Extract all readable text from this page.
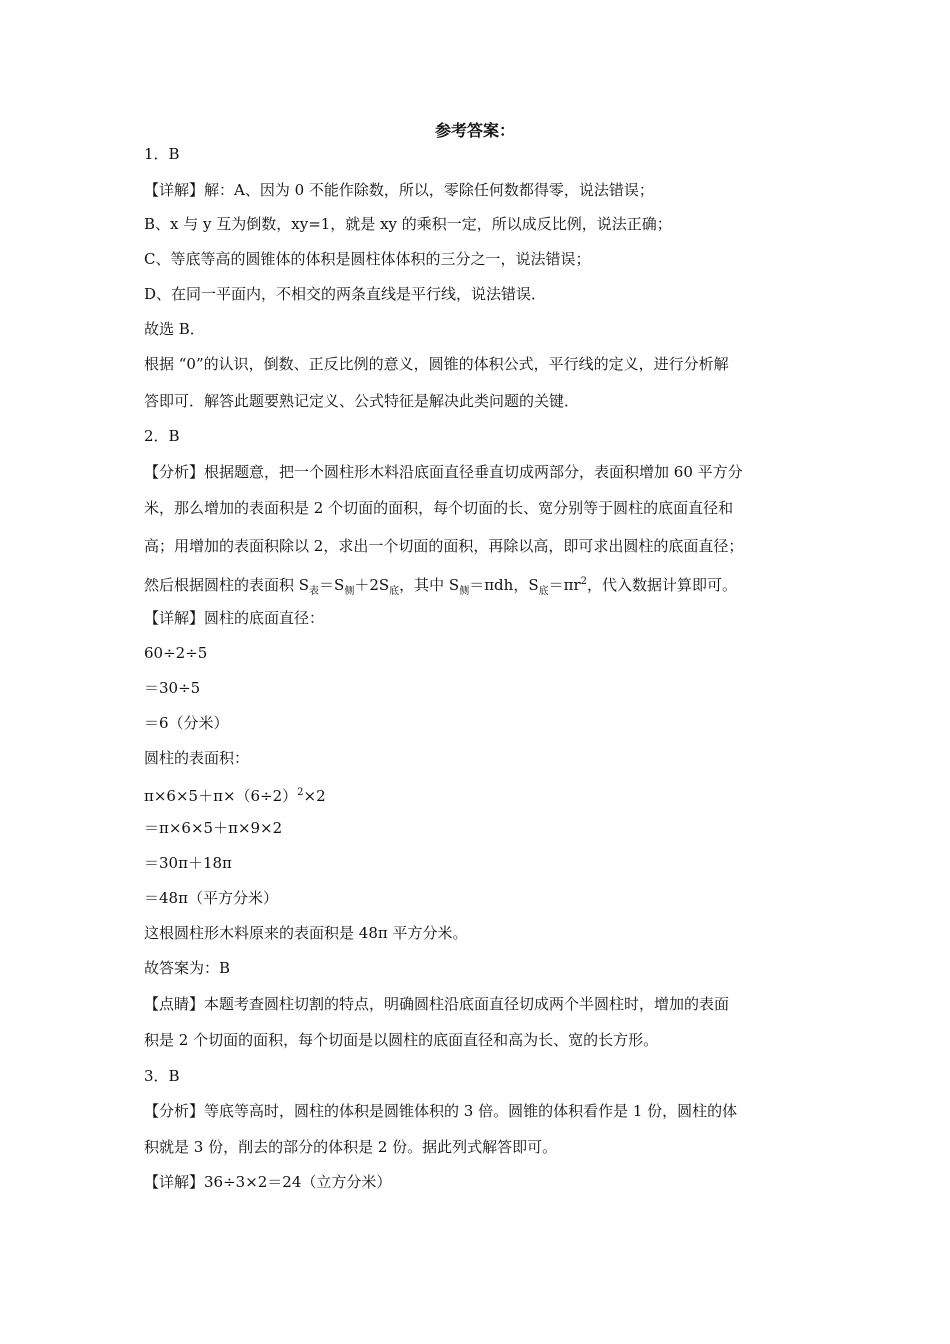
参考答案：
1．B
【详解】解：A、因为 0 不能作除数，所以，零除任何数都得零，说法错误；
B、x 与 y 互为倒数，xy=1，就是 xy 的乘积一定，所以成反比例，说法正确；
C、等底等高的圆锥体的体积是圆柱体体积的三分之一，说法错误；
D、在同一平面内，不相交的两条直线是平行线，说法错误．
故选 B．
根据 “0”的认识，倒数、正反比例的意义，圆锥的体积公式，平行线的定义，进行分析解
答即可．解答此题要熟记定义、公式特征是解决此类问题的关键．
2．B
【分析】根据题意，把一个圆柱形木料沿底面直径垂直切成两部分，表面积增加 60 平方分
米，那么增加的表面积是 2 个切面的面积，每个切面的长、宽分别等于圆柱的底面直径和
高；用增加的表面积除以 2，求出一个切面的面积，再除以高，即可求出圆柱的底面直径；
然后根据圆柱的表面积 $S_表=S_侧+2S_底$，其中 $S_侧=\pi dh$，$S_底=\pi r^2$，代入数据计算即可。
【详解】圆柱的底面直径：
60÷2÷5
＝30÷5
＝6（分米）
圆柱的表面积：
$\pi\times 6\times 5+\pi\times(6\div 2)^2\times 2$
＝π×6×5＋π×9×2
＝30π＋18π
＝48π（平方分米）
这根圆柱形木料原来的表面积是 48π 平方分米。
故答案为：B
【点睛】本题考查圆柱切割的特点，明确圆柱沿底面直径切成两个半圆柱时，增加的表面
积是 2 个切面的面积，每个切面是以圆柱的底面直径和高为长、宽的长方形。
3．B
【分析】等底等高时，圆柱的体积是圆锥体积的 3 倍。圆锥的体积看作是 1 份，圆柱的体
积就是 3 份，削去的部分的体积是 2 份。据此列式解答即可。
【详解】36÷3×2＝24（立方分米）
